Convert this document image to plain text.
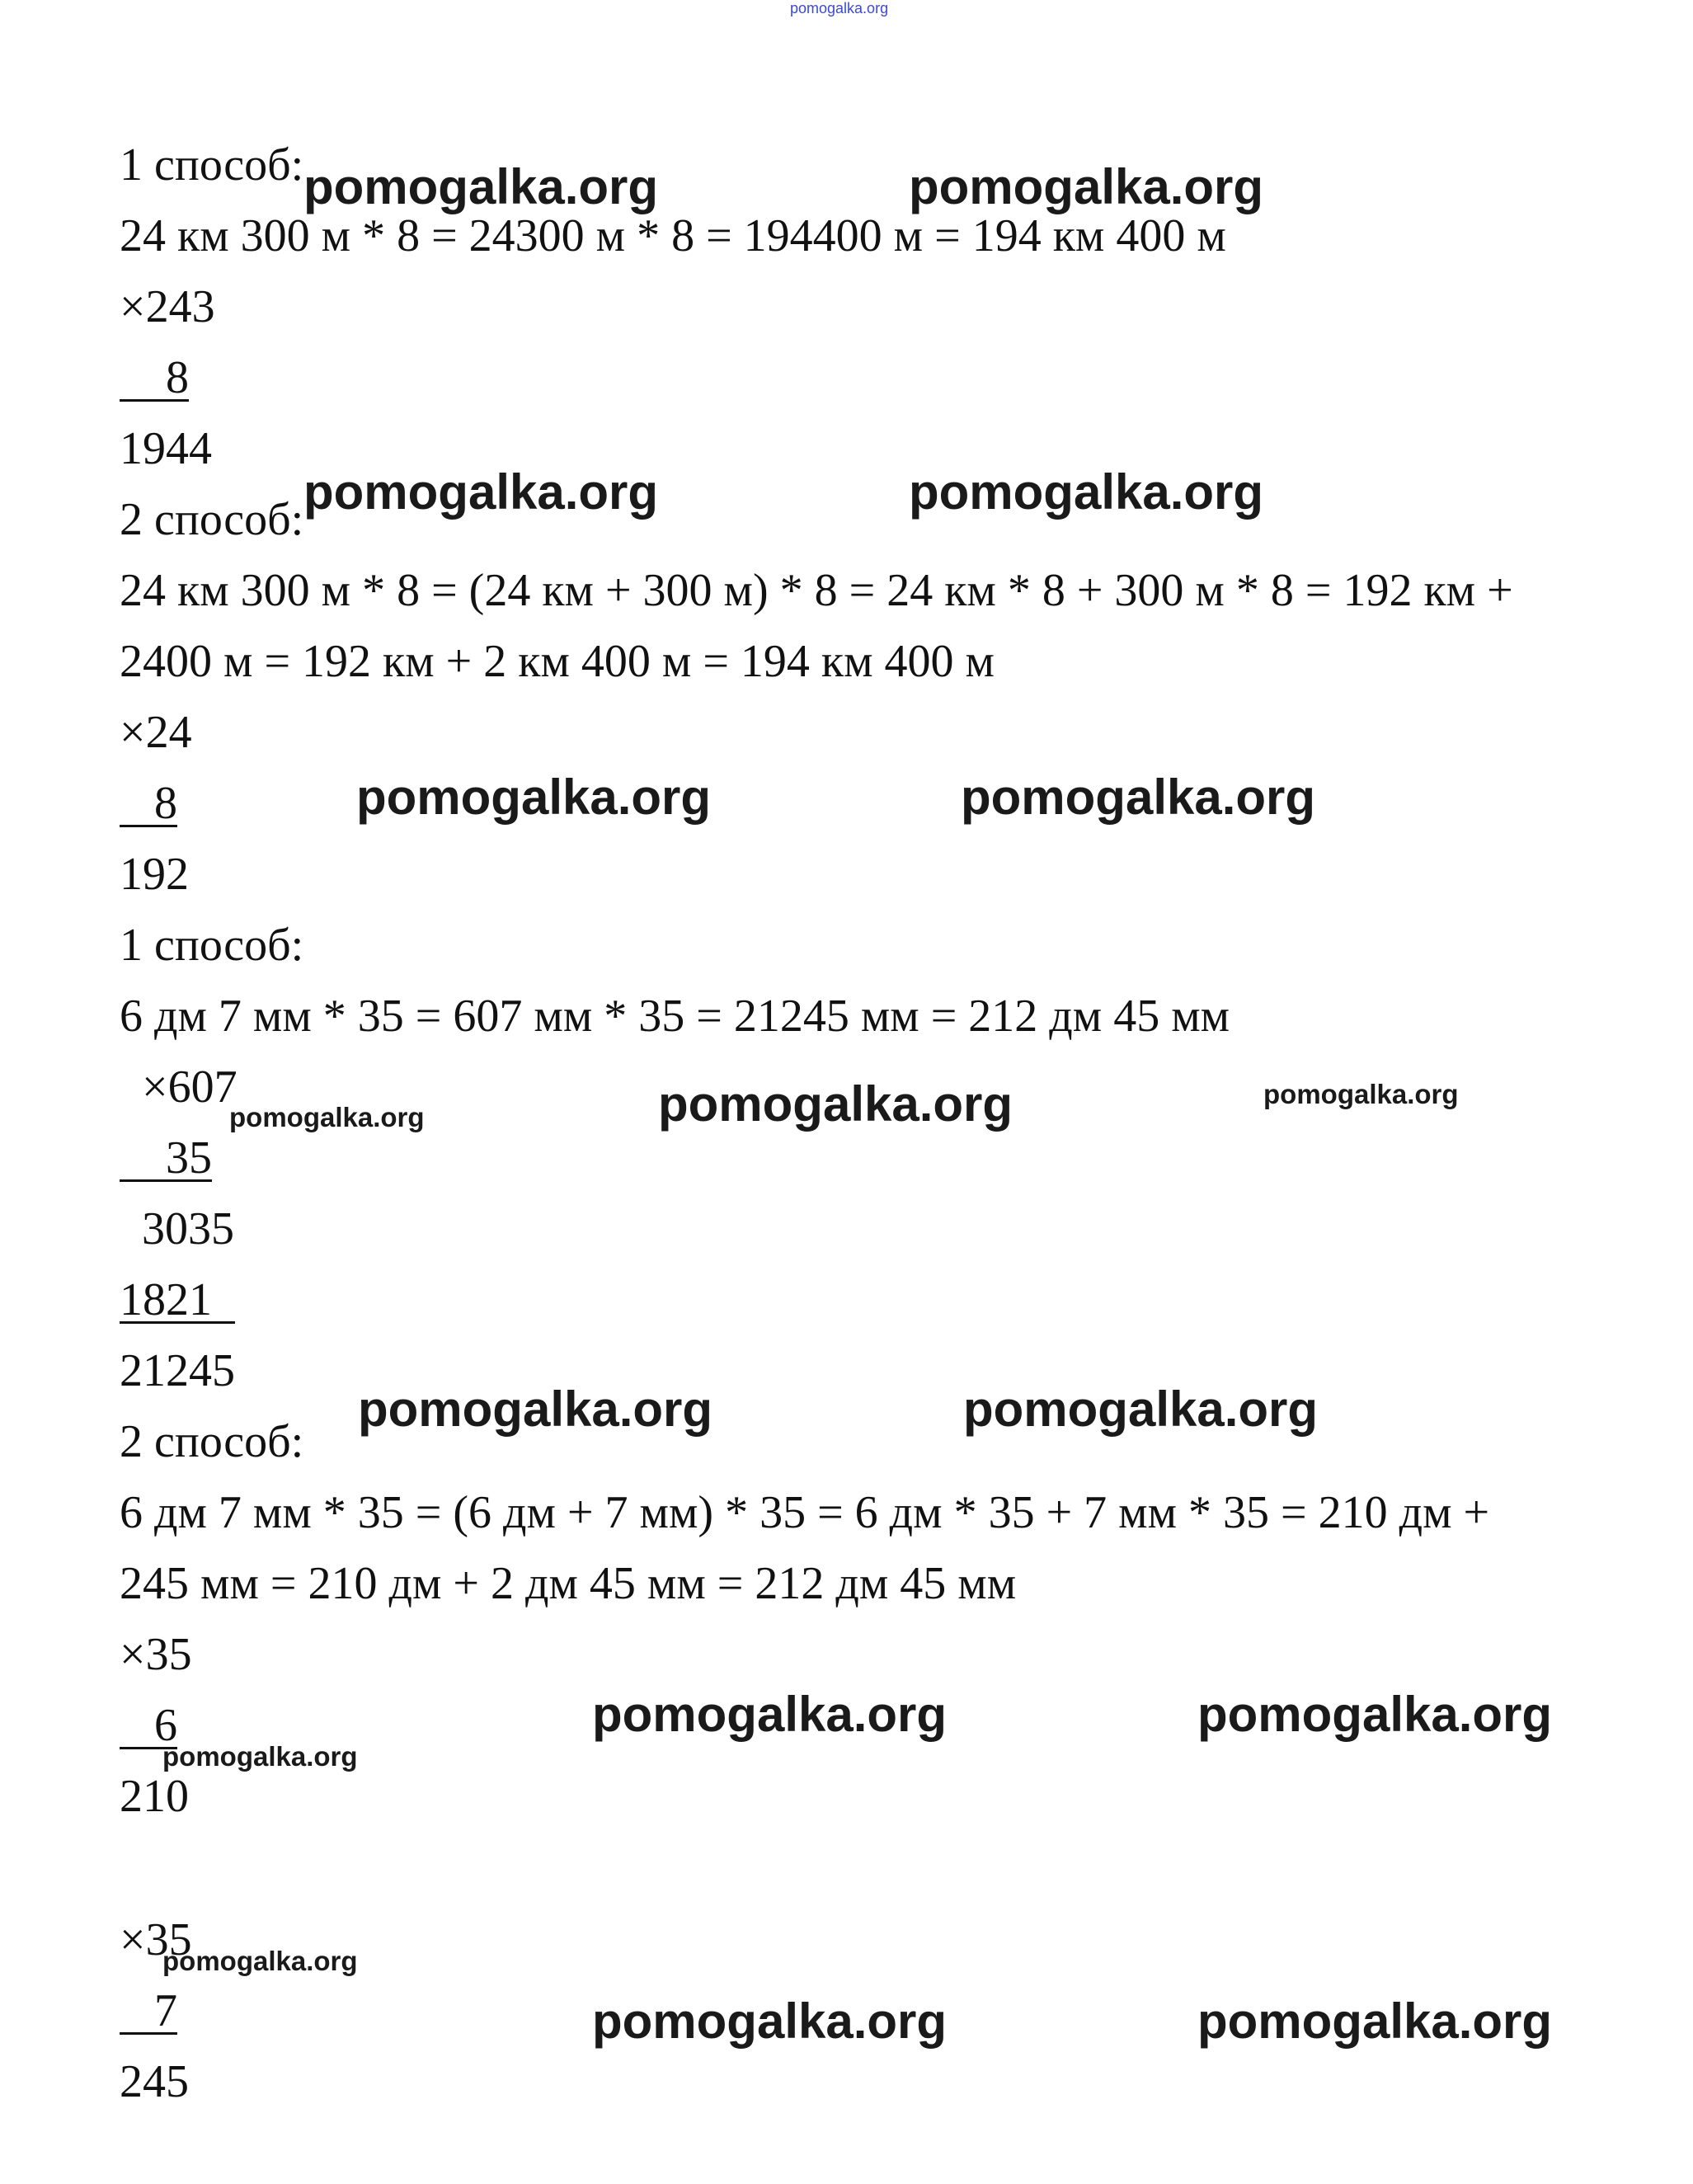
pomogalka.org
1 способ:
24 км 300 м * 8 = 24300 м * 8 = 194400 м = 194 км 400 м
×243
8
1944
2 способ:
24 км 300 м * 8 = (24 км + 300 м) * 8 = 24 км * 8 + 300 м * 8 = 192 км +
2400 м = 192 км + 2 км 400 м = 194 км 400 м
×24
8
192
1 способ:
6 дм 7 мм * 35 = 607 мм * 35 = 21245 мм = 212 дм 45 мм
×607
35
3035
1821
21245
2 способ:
6 дм 7 мм * 35 = (6 дм + 7 мм) * 35 = 6 дм * 35 + 7 мм * 35 = 210 дм +
245 мм = 210 дм + 2 дм 45 мм = 212 дм 45 мм
×35
6
210
×35
7
245
pomogalka.org	pomogalka.org
pomogalka.org	pomogalka.org
pomogalka.org	pomogalka.org
pomogalka.org	pomogalka.org
pomogalka.org
pomogalka.org	pomogalka.org
pomogalka.org	pomogalka.org
pomogalka.org
pomogalka.org
pomogalka.org	pomogalka.org
